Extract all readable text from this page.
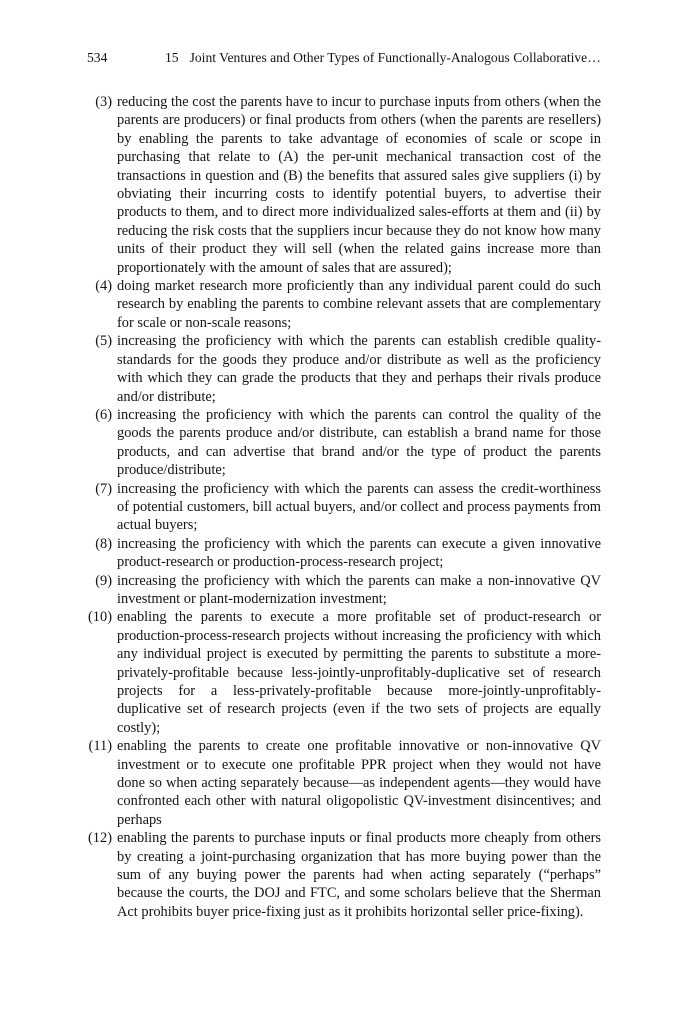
534	15 Joint Ventures and Other Types of Functionally-Analogous Collaborative…
(3) reducing the cost the parents have to incur to purchase inputs from others (when the parents are producers) or final products from others (when the parents are resellers) by enabling the parents to take advantage of economies of scale or scope in purchasing that relate to (A) the per-unit mechanical transaction cost of the transactions in question and (B) the benefits that assured sales give suppliers (i) by obviating their incurring costs to identify potential buyers, to advertise their products to them, and to direct more individualized sales-efforts at them and (ii) by reducing the risk costs that the suppliers incur because they do not know how many units of their product they will sell (when the related gains increase more than proportionately with the amount of sales that are assured);
(4) doing market research more proficiently than any individual parent could do such research by enabling the parents to combine relevant assets that are complementary for scale or non-scale reasons;
(5) increasing the proficiency with which the parents can establish credible quality-standards for the goods they produce and/or distribute as well as the proficiency with which they can grade the products that they and perhaps their rivals produce and/or distribute;
(6) increasing the proficiency with which the parents can control the quality of the goods the parents produce and/or distribute, can establish a brand name for those products, and can advertise that brand and/or the type of product the parents produce/distribute;
(7) increasing the proficiency with which the parents can assess the credit-worthiness of potential customers, bill actual buyers, and/or collect and process payments from actual buyers;
(8) increasing the proficiency with which the parents can execute a given innovative product-research or production-process-research project;
(9) increasing the proficiency with which the parents can make a non-innovative QV investment or plant-modernization investment;
(10) enabling the parents to execute a more profitable set of product-research or production-process-research projects without increasing the proficiency with which any individual project is executed by permitting the parents to substitute a more-privately-profitable because less-jointly-unprofitably-duplicative set of research projects for a less-privately-profitable because more-jointly-unprofitably-duplicative set of research projects (even if the two sets of projects are equally costly);
(11) enabling the parents to create one profitable innovative or non-innovative QV investment or to execute one profitable PPR project when they would not have done so when acting separately because—as independent agents—they would have confronted each other with natural oligopolistic QV-investment disincentives; and perhaps
(12) enabling the parents to purchase inputs or final products more cheaply from others by creating a joint-purchasing organization that has more buying power than the sum of any buying power the parents had when acting separately (“perhaps” because the courts, the DOJ and FTC, and some scholars believe that the Sherman Act prohibits buyer price-fixing just as it prohibits horizontal seller price-fixing).
